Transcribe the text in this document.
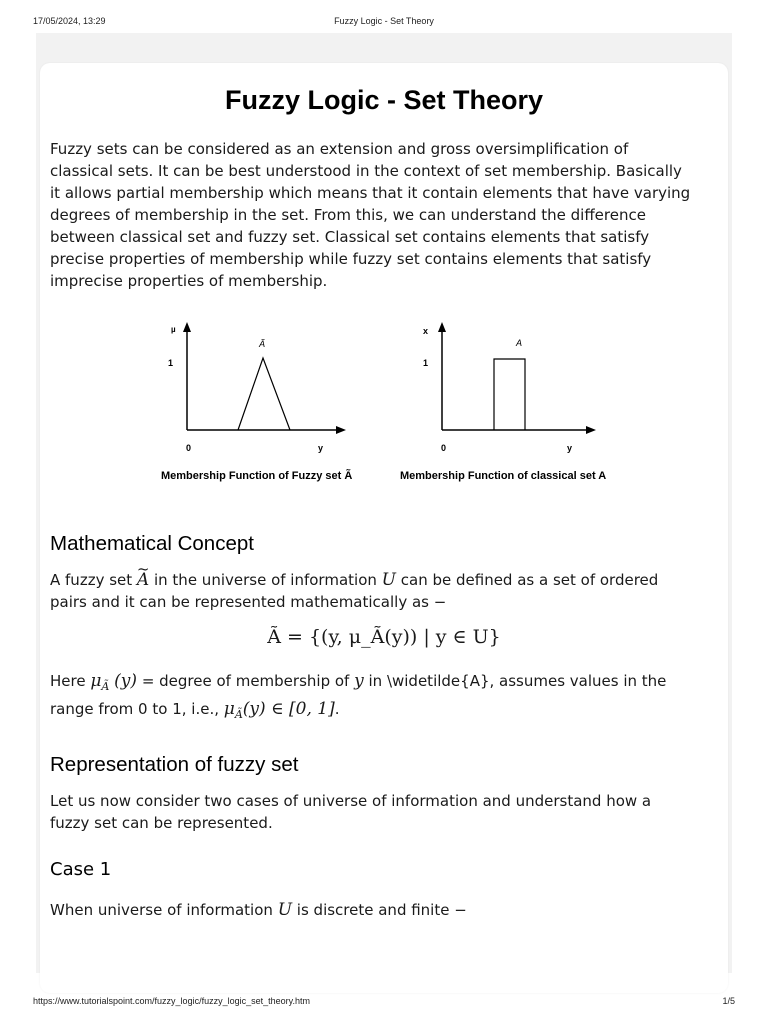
17/05/2024, 13:29	Fuzzy Logic - Set Theory
Fuzzy Logic - Set Theory

Fuzzy sets can be considered as an extension and gross oversimplification of

classical sets. It can be best understood in the context of set membership. Basically

it allows partial membership which means that it contain elements that have varying

degrees of membership in the set. From this, we can understand the difference

between classical set and fuzzy set. Classical set contains elements that satisfy

precise properties of membership while fuzzy set contains elements that satisfy

imprecise properties of membership.

µ
1
0	y
Ã
Membership Function of Fuzzy set Ã
x
1
0	y
A
Membership Function of classical set A
Mathematical Concept

A fuzzy set ~ A in the universe of information U can be defined as a set of ordered

pairs and it can be represented mathematically as −

Ã = {(y, μ_Ã(y)) | y ∈ U}

Here $\mu_Ã$ (y) = degree of membership of y in \widetilde{A}, assumes values in the

range from 0 to 1, i.e., $\mu_Ã(y)$ ∈ [0, 1].

Representation of fuzzy set

Let us now consider two cases of universe of information and understand how a

fuzzy set can be represented.

Case 1

When universe of information U is discrete and finite −

https://www.tutorialspoint.com/fuzzy_logic/fuzzy_logic_set_theory.htm	1/5
